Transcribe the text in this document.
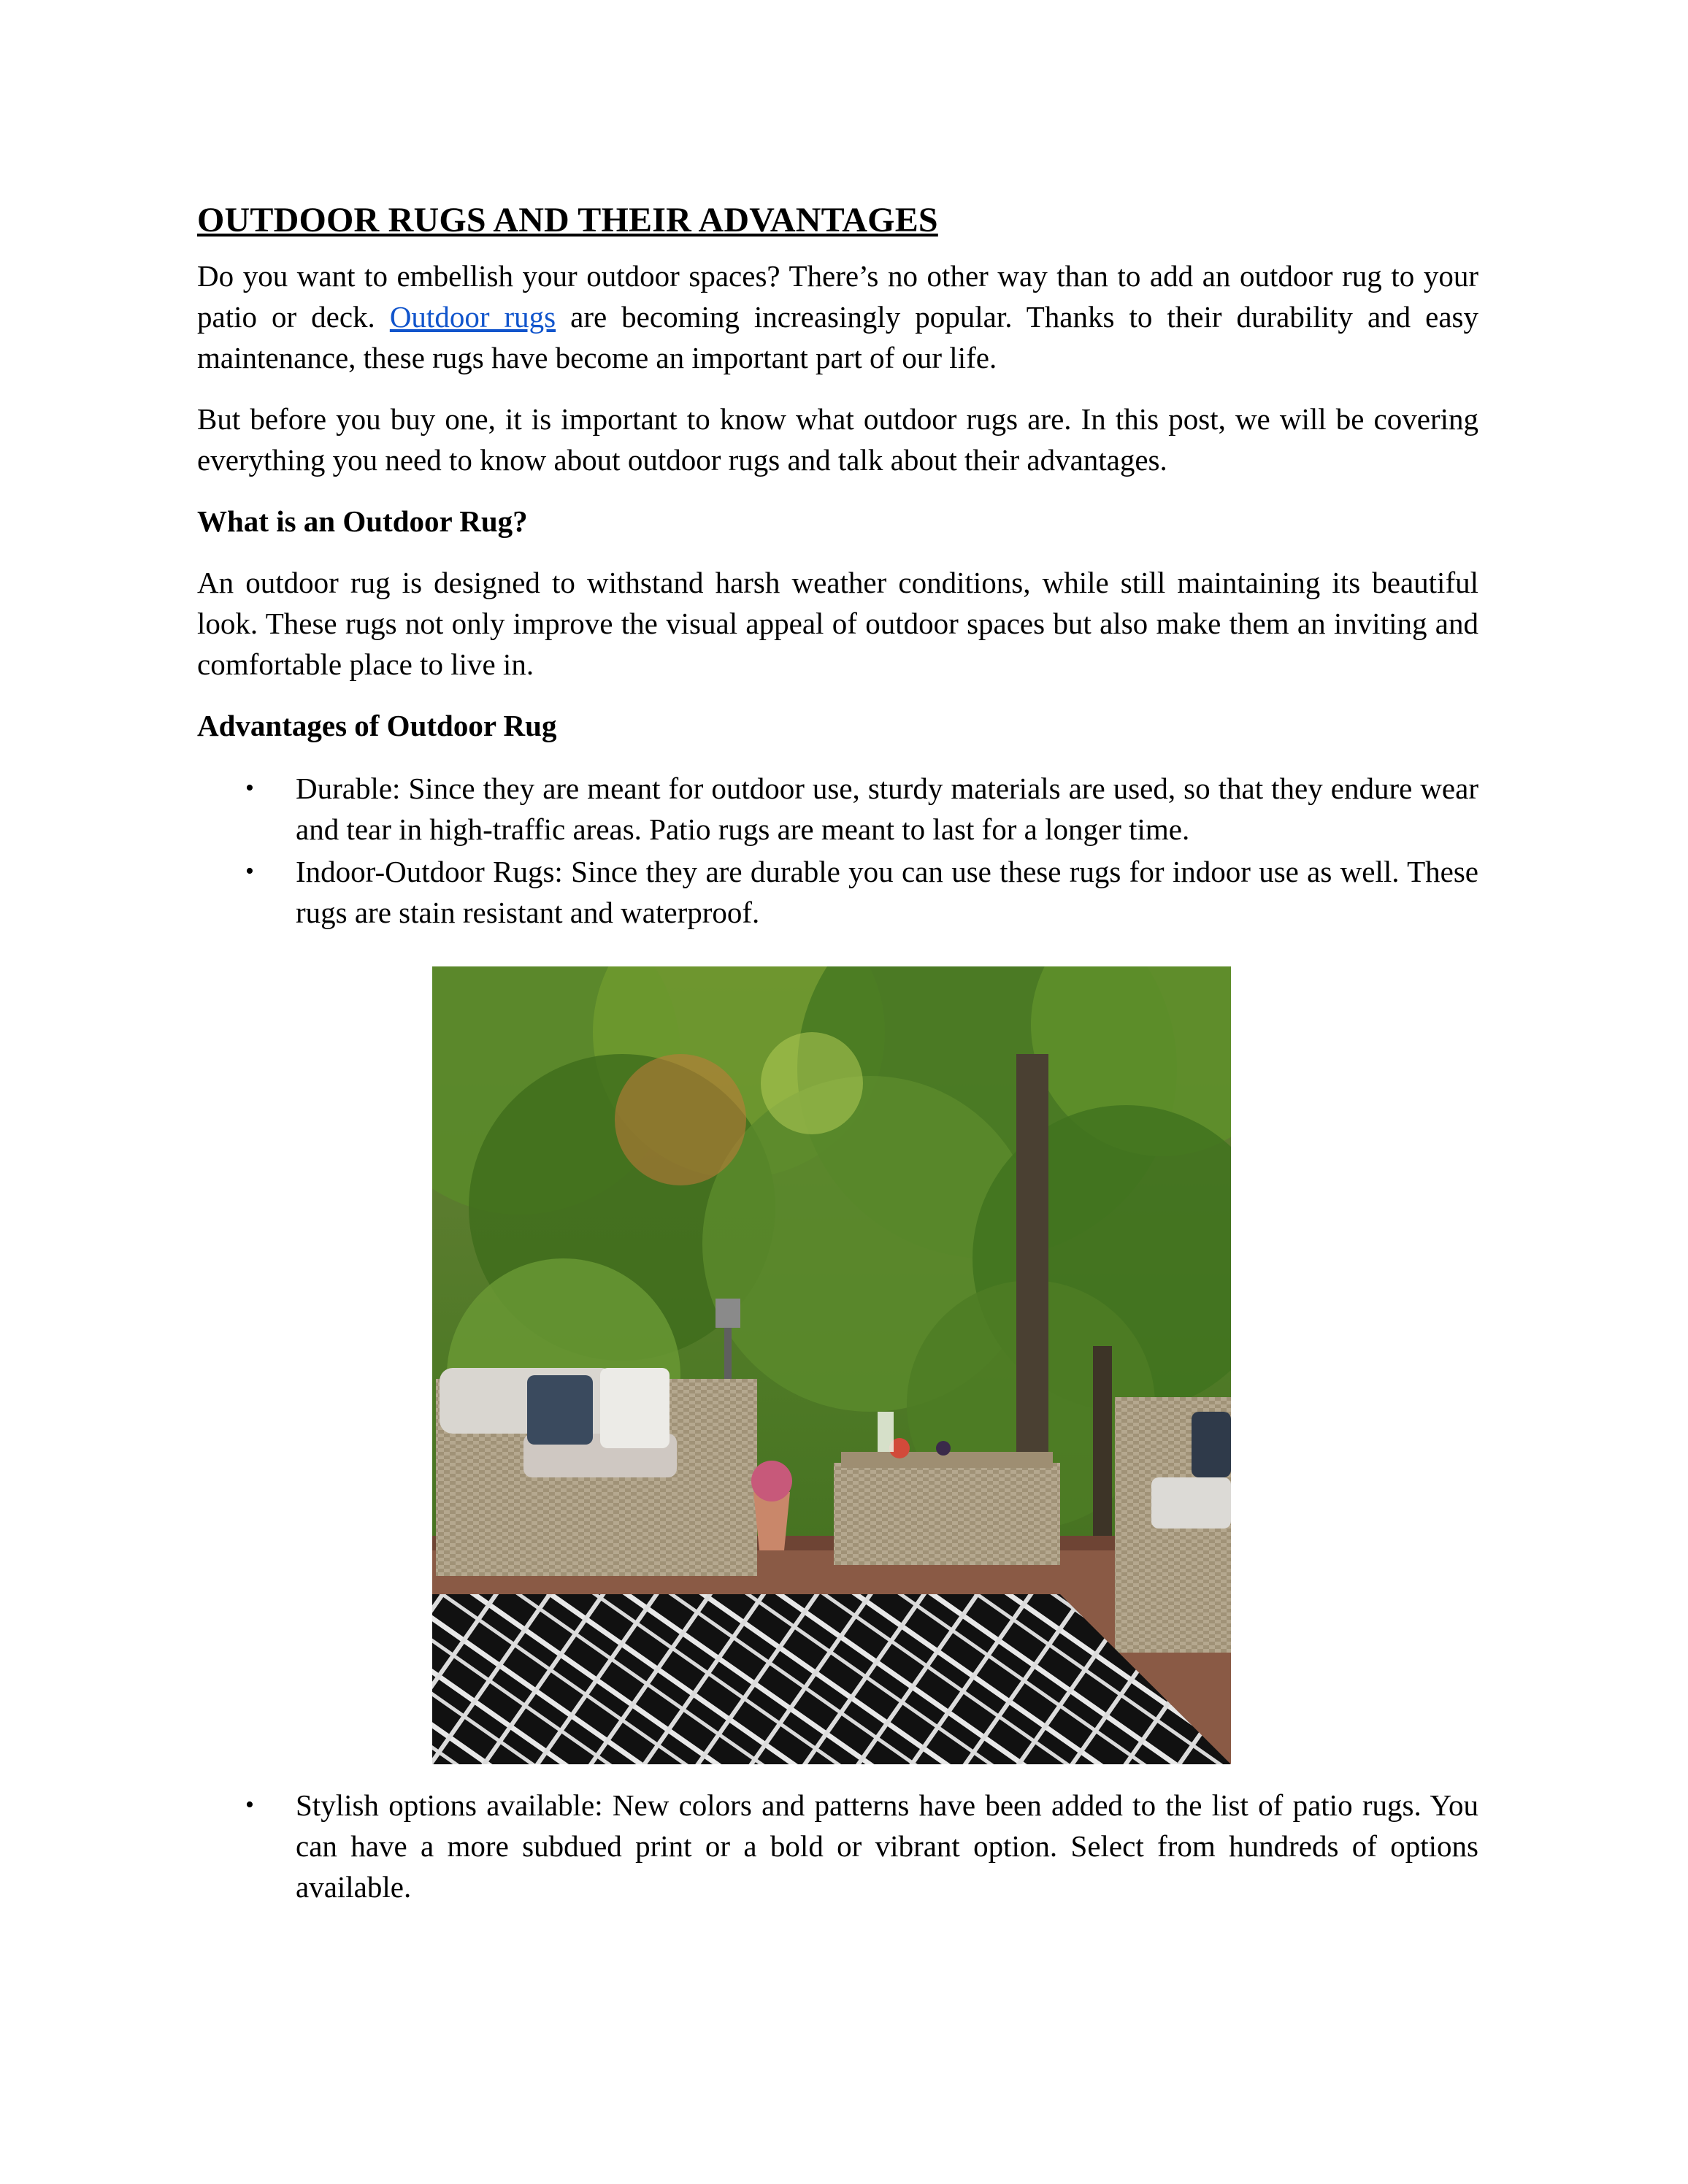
OUTDOOR RUGS AND THEIR ADVANTAGES

Do you want to embellish your outdoor spaces? There’s no other way than to add an outdoor rug to your patio or deck. Outdoor rugs are becoming increasingly popular. Thanks to their durability and easy maintenance, these rugs have become an important part of our life.

But before you buy one, it is important to know what outdoor rugs are. In this post, we will be covering everything you need to know about outdoor rugs and talk about their advantages.

What is an Outdoor Rug?

An outdoor rug is designed to withstand harsh weather conditions, while still maintaining its beautiful look. These rugs not only improve the visual appeal of outdoor spaces but also make them an inviting and comfortable place to live in.

Advantages of Outdoor Rug
• Durable: Since they are meant for outdoor use, sturdy materials are used, so that they endure wear and tear in high-traffic areas. Patio rugs are meant to last for a longer time.
• Indoor-Outdoor Rugs: Since they are durable you can use these rugs for indoor use as well. These rugs are stain resistant and waterproof.
• Stylish options available: New colors and patterns have been added to the list of patio rugs. You can have a more subdued print or a bold or vibrant option. Select from hundreds of options available.
